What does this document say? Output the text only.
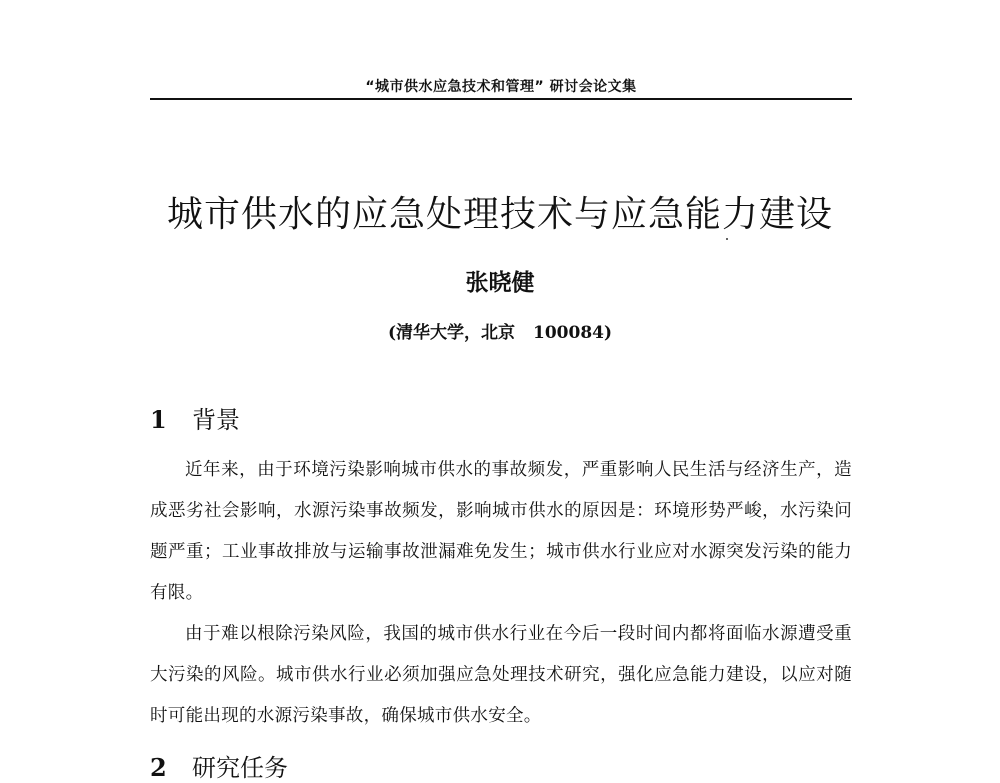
“城市供水应急技术和管理” 研讨会论文集
城市供水的应急处理技术与应急能力建设
张晓健
(清华大学，北京 100084)
1 背景

近年来，由于环境污染影响城市供水的事故频发，严重影响人民生活与经济生产，造成恶劣社会影响，水源污染事故频发，影响城市供水的原因是：环境形势严峻，水污染问题严重；工业事故排放与运输事故泄漏难免发生；城市供水行业应对水源突发污染的能力有限。

由于难以根除污染风险，我国的城市供水行业在今后一段时间内都将面临水源遭受重大污染的风险。城市供水行业必须加强应急处理技术研究，强化应急能力建设，以应对随时可能出现的水源污染事故，确保城市供水安全。

2 研究任务
